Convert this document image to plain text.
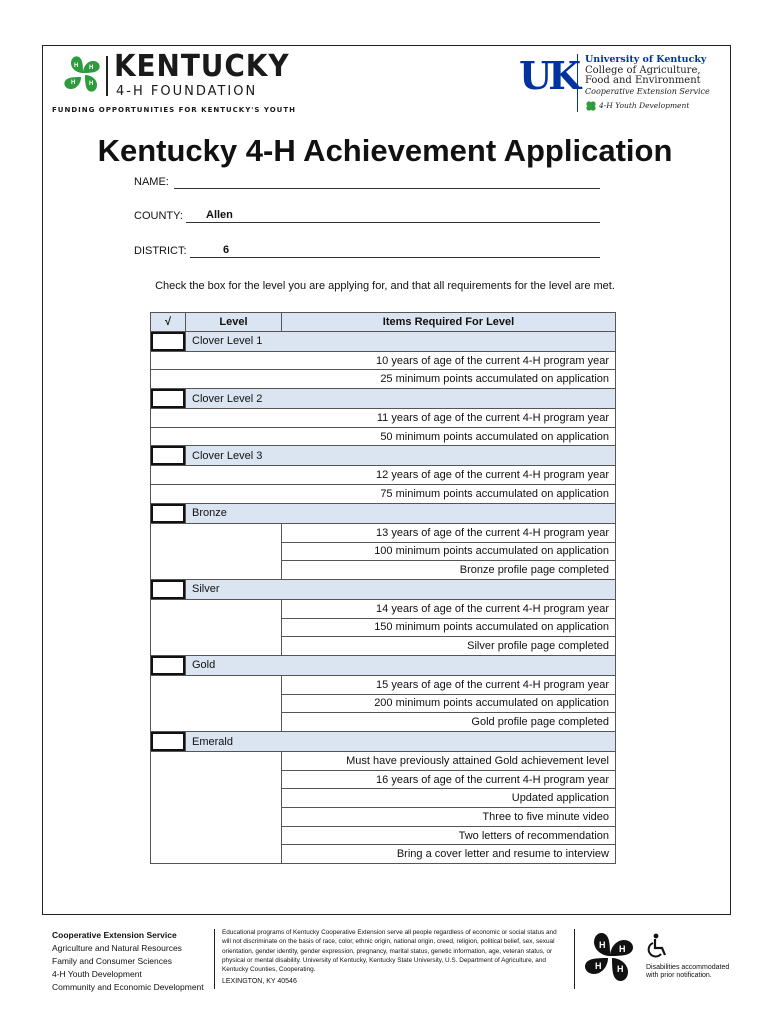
H H
H
H KENTUCKY
4-H FOUNDATION
FUNDING OPPORTUNITIES FOR KENTUCKY'S YOUTH
UK University of Kentucky
College of Agriculture,
Food and Environment
Cooperative Extension Service
4-H Youth Development
Kentucky 4-H Achievement Application
NAME:
COUNTY: Allen
DISTRICT:	6
Check the box for the level you are applying for, and that all requirements for the level are met.
√	Level	Items Required For Level

	Clover Level 1	
		10 years of age of the current 4-H program year
		25 minimum points accumulated on application

	Clover Level 2	
		11 years of age of the current 4-H program year
		50 minimum points accumulated on application

	Clover Level 3	
		12 years of age of the current 4-H program year
		75 minimum points accumulated on application

	Bronze	
		13 years of age of the current 4-H program year
		100 minimum points accumulated on application
		Bronze profile page completed

	Silver	
		14 years of age of the current 4-H program year
		150 minimum points accumulated on application
		Silver profile page completed

	Gold	
		15 years of age of the current 4-H program year
		200 minimum points accumulated on application
		Gold profile page completed

	Emerald	
		Must have previously attained Gold achievement level
		16 years of age of the current 4-H program year
		Updated application
		Three to five minute video
		Two letters of recommendation
		Bring a cover letter and resume to interview
Cooperative Extension Service
Agriculture and Natural Resources
Family and Consumer Sciences
4-H Youth Development
Community and Economic Development
Educational programs of Kentucky Cooperative Extension serve all people regardless of economic or social status and will not discriminate on the basis of race, color, ethnic origin, national origin, creed, religion, political belief, sex, sexual orientation, gender identity, gender expression, pregnancy, marital status, genetic information, age, veteran status, or physical or mental disability. University of Kentucky, Kentucky State University, U.S. Department of Agriculture, and Kentucky Counties, Cooperating.
LEXINGTON, KY 40546
H H
H
H	Disabilities accommodated with prior notification.
